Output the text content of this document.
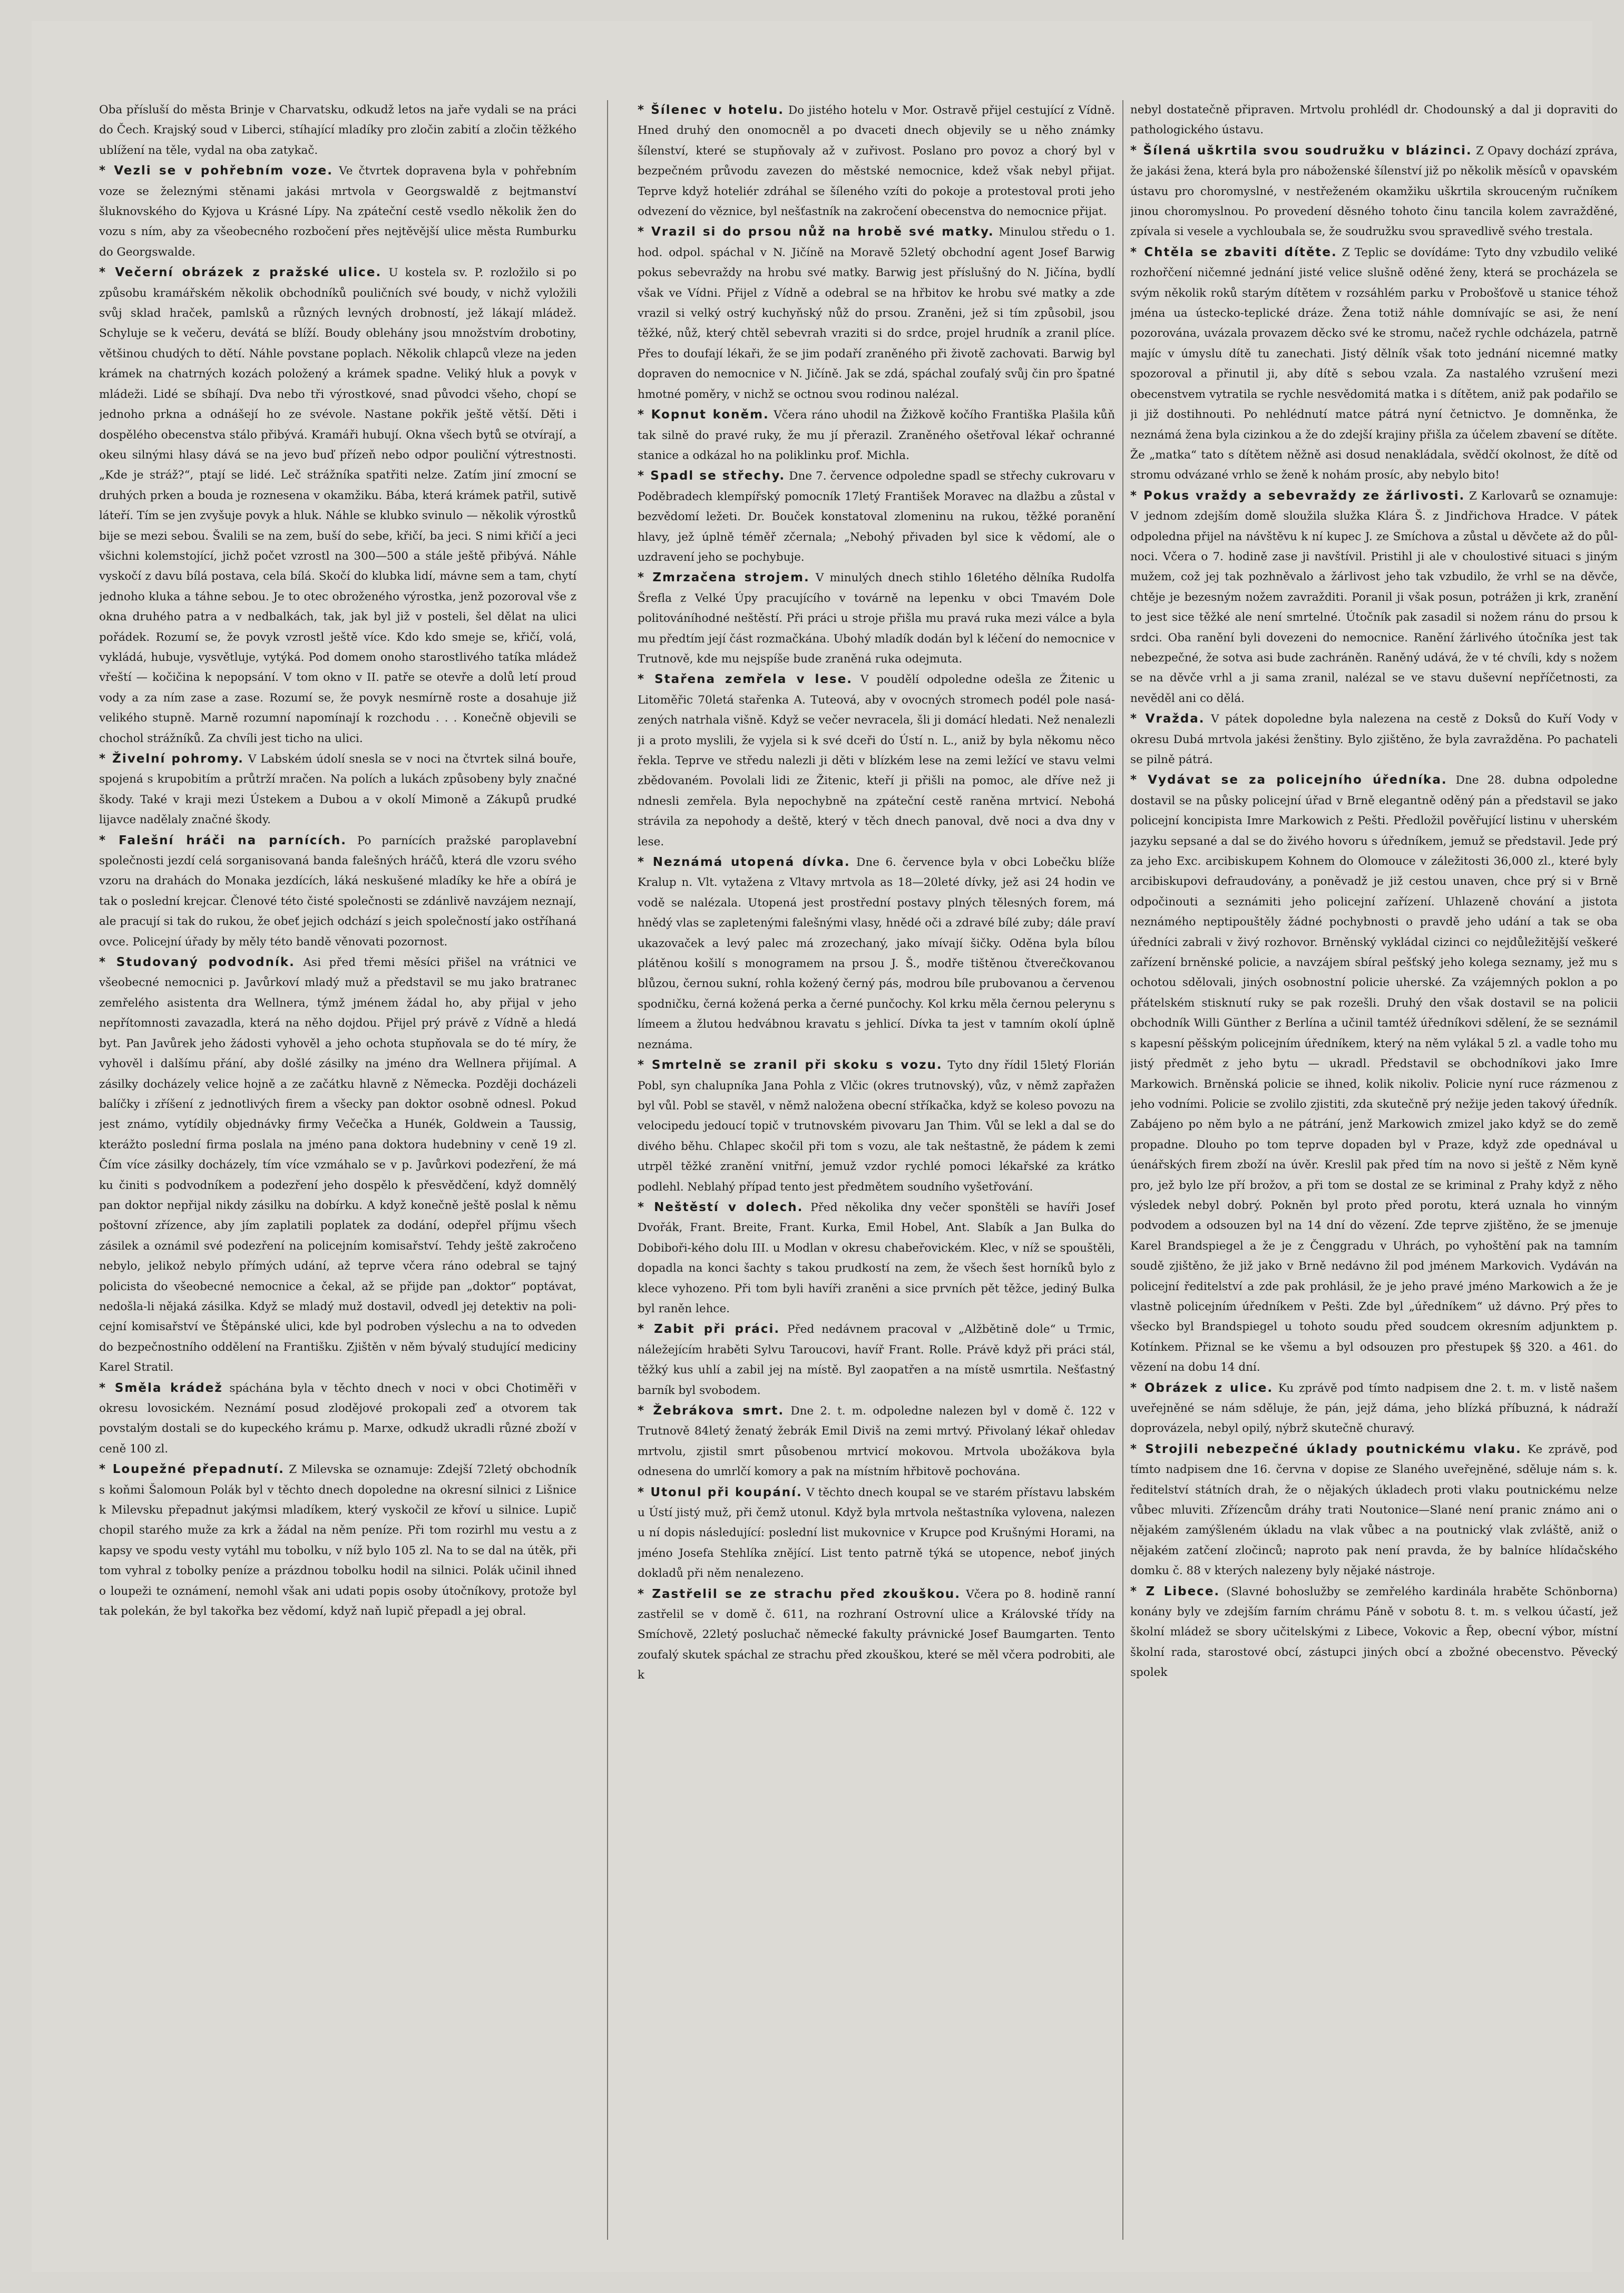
Oba přísluší do města Brinje v Charvatsku, odkudž letos na jaře vydali se na práci do Čech. Krajský soud v Liberci, stíhající mladíky pro zločin zabití a zločin těžkého ublížení na těle, vydal na oba zatykač.

* Vezli se v pohřebním voze. Ve čtvrtek dopravena byla v pohřebním voze se železnými stěnami jakási mrtvola v Georgswaldě z bejtmanství šluknovského do Kyjova u Krásné Lípy. Na zpáteční cestě vsedlo několik žen do vozu s ním, aby za všeobecného rozbočení přes nejtěvější ulice města Rumburku do Georgswalde.

* Večerní obrázek z pražské ulice. U kostela sv. P. rozložilo si po způsobu kramářském několik obchodníků pouličních své boudy, v nichž vyložili svůj sklad hraček, pamlsků a různých levných drobností, jež lákají mládež. Schyluje se k večeru, devátá se blíží. Boudy oblehány jsou množstvím drobotiny, většinou chudých to dětí. Náhle povstane poplach. Několik chlapců vleze na jeden krámek na chatrných kozách položený a krámek spadne. Veliký hluk a povyk v mládeži. Lidé se sbíhají. Dva nebo tři výrostkové, snad původci všeho, chopí se jednoho prkna a odnášejí ho ze svévole. Nastane pokřik ještě větší. Děti i dospělého obecenstva stálo přibývá. Kramáři hubují. Okna všech bytů se otvírají, a okeu silnými hlasy dává se na jevo buď přízeň nebo odpor pouliční výtrestnosti. „Kde je stráž?“, ptají se lidé. Leč strážníka spatřiti nelze. Zatím jiní zmocní se druhých prken a bouda je roznesena v okamžiku. Bába, která krámek patřil, sutivě láteří. Tím se jen zvyšuje povyk a hluk. Náhle se klubko svinulo — několik výrostků bije se mezi sebou. Švalili se na zem, buší do sebe, křičí, ba jeci. S nimi křičí a jeci všichni kolemstojící, jichž počet vzrostl na 300—500 a stále ještě přibývá. Náhle vyskočí z davu bílá postava, cela bílá. Skočí do klubka lidí, mávne sem a tam, chytí jednoho kluka a táhne sebou. Je to otec obroženého výrostka, jenž pozoroval vše z okna druhého patra a v nedbalkách, tak, jak byl již v posteli, šel dělat na ulici pořádek. Rozumí se, že povyk vzrostl ještě více. Kdo kdo smeje se, křičí, volá, vykládá, hubuje, vysvětluje, vytýká. Pod domem onoho starostlivého tatíka mládež vřeští — kočičina k nepopsání. V tom okno v II. patře se otevře a dolů letí proud vody a za ním zase a zase. Rozumí se, že povyk nesmírně roste a dosahuje již velikého stupně. Marně rozumní napomínají k rozchodu . . . Konečně objevili se chochol strážníků. Za chvíli jest ticho na ulici.

* Živelní pohromy. V Labském údolí snesla se v noci na čtvrtek silná bouře, spojená s krupobitím a průtrží mračen. Na polích a lukách způsobeny byly značné škody. Také v kraji mezi Ústekem a Dubou a v okolí Mimoně a Zákupů prudké lijavce nadělaly značné škody.

* Falešní hráči na parnících. Po parnících pražské paroplavební společnosti jezdí celá sorganisovaná banda falešných hráčů, která dle vzoru svého vzoru na drahách do Monaka jezdících, láká neskušené mladíky ke hře a obírá je tak o poslední krejcar. Členové této čisté společnosti se zdánlivě navzájem neznají, ale pracují si tak do rukou, že obeť jejich odchází s jeich společností jako ostříhaná ovce. Policejní úřady by měly této bandě věnovati pozornost.

* Studovaný podvodník. Asi před třemi měsíci přišel na vrátnici ve všeobecné nemocnici p. Javůrkoví mladý muž a představil se mu jako bratranec zemřelého asistenta dra Wellnera, týmž jménem žádal ho, aby přijal v jeho nepřítomnosti zavazadla, která na něho dojdou. Přijel prý právě z Vídně a hledá byt. Pan Javůrek jeho žádosti vyhověl a jeho ochota stupňovala se do té míry, že vyhověl i dalšímu přání, aby došlé zásilky na jméno dra Wellnera přijímal. A zásilky docházely velice hojně a ze začátku hlavně z Německa. Později docházeli balíčky i zříšení z jednotlivých firem a všecky pan doktor osobně odnesl. Pokud jest známo, vytídily objednávky firmy Večečka a Hunék, Goldwein a Taussig, kterážto poslední firma poslala na jméno pana doktora hudebniny v ceně 19 zl. Čím více zásilky docházely, tím více vzmáhalo se v p. Javůrkovi podezření, že má ku činiti s podvodníkem a podezření jeho dospělo k přesvědčení, když domnělý pan doktor nepřijal nikdy zásilku na dobírku. A když konečně ještě poslal k němu poštovní zřízence, aby jím zaplatili poplatek za dodání, odepřel příjmu všech zásilek a oznámil své podezření na policejním komisařství. Tehdy ještě zakročeno nebylo, jelikož nebylo přímých udání, až teprve včera ráno odebral se tajný policista do všeobecné nemocnice a čekal, až se přijde pan „doktor“ poptávat, nedošla-li nějaká zásilka. Když se mladý muž dostavil, odvedl jej detektiv na policejní komisařství ve Štěpánské ulici, kde byl podroben výslechu a na to odveden do bezpečnostního oddělení na Františku. Zjištěn v něm bývalý studující mediciny Karel Stratil.

* Směla krádež spáchána byla v těchto dnech v noci v obci Chotiměři v okresu lovosickém. Neznámí posud zlodějové prokopali zeď a otvorem tak povstalým dostali se do kupeckého krámu p. Marxe, odkudž ukradli různé zboží v ceně 100 zl.

* Loupežné přepadnutí. Z Milevska se oznamuje: Zdejší 72letý obchodník s koňmi Šalomoun Polák byl v těchto dnech dopoledne na okresní silnici z Lišnice k Milevsku přepadnut jakýmsi mladíkem, který vyskočil ze křoví u silnice. Lupič chopil starého muže za krk a žádal na něm peníze. Při tom rozirhl mu vestu a z kapsy ve spodu vesty vytáhl mu tobolku, v níž bylo 105 zl. Na to se dal na útěk, při tom vyhral z tobolky peníze a prázdnou tobolku hodil na silnici. Polák učinil ihned o loupeži te oznámení, nemohl však ani udati popis osoby útočníkovy, protože byl tak polekán, že byl takořka bez vědomí, když naň lupič přepadl a jej obral.

* Šílenec v hotelu. Do jistého hotelu v Mor. Ostravě přijel cestující z Vídně. Hned druhý den onomocněl a po dvaceti dnech objevily se u něho známky šílenství, které se stupňovaly až v zuřivost. Poslano pro povoz a chorý byl v bezpečném průvodu zavezen do městské nemocnice, kdež však nebyl přijat. Teprve když hoteliér zdráhal se šíleného vzíti do pokoje a protestoval proti jeho odvezení do věznice, byl nešťastník na zakročení obecenstva do nemocnice přijat.

* Vrazil si do prsou nůž na hrobě své matky. Minulou středu o 1. hod. odpol. spáchal v N. Jičíně na Moravě 52letý obchodní agent Josef Barwig pokus sebevraždy na hrobu své matky. Barwig jest příslušný do N. Jičína, bydlí však ve Vídni. Přijel z Vídně a odebral se na hřbitov ke hrobu své matky a zde vrazil si velký ostrý kuchyňský nůž do prsou. Zraněni, jež si tím způsobil, jsou těžké, nůž, který chtěl sebevrah vraziti si do srdce, projel hrudník a zranil plíce. Přes to doufají lékaři, že se jim podaří zraněného při životě zachovati. Barwig byl dopraven do nemocnice v N. Jičíně. Jak se zdá, spáchal zoufalý svůj čin pro špatné hmotné poměry, v nichž se octnou svou rodinou nalézal.

* Kopnut koněm. Včera ráno uhodil na Žižkově kočího Františka Plašila kůň tak silně do pravé ruky, že mu jí přerazil. Zraněného ošetřoval lékař ochranné stanice a odkázal ho na poliklinku prof. Michla.

* Spadl se střechy. Dne 7. července odpoledne spadl se střechy cukrovaru v Poděbradech klempířský pomocník 17letý František Moravec na dlažbu a zůstal v bezvědomí ležeti. Dr. Bouček konstatoval zlomeninu na rukou, těžké poranění hlavy, jež úplně téměř zčernala; „Nebohý přivaden byl sice k vědomí, ale o uzdravení jeho se pochybuje.

* Zmrzačena strojem. V minulých dnech stihlo 16letého dělníka Rudolfa Šrefla z Velké Úpy pracujícího v továrně na lepenku v obci Tmavém Dole politováníhodné neštěstí. Při práci u stroje přišla mu pravá ruka mezi válce a byla mu předtím její část rozmačkána. Ubohý mladík dodán byl k léčení do nemocnice v Trutnově, kde mu nejspíše bude zraněná ruka odejmuta.

* Stařena zemřela v lese. V poudělí odpoledne odešla ze Žitenic u Litoměřic 70letá stařenka A. Tuteová, aby v ovocných stromech podél pole nasázených natrhala višně. Když se večer nevracela, šli ji domácí hledati. Než nenalezli ji a proto myslili, že vyjela si k své dceři do Ústí n. L., aniž by byla někomu něco řekla. Teprve ve středu nalezli ji děti v blízkém lese na zemi ležící ve stavu velmi zbědovaném. Povolali lidi ze Žitenic, kteří ji přišli na pomoc, ale dříve než ji ndnesli zemřela. Byla nepochybně na zpáteční cestě raněna mrtvicí. Nebohá strávila za nepohody a deště, který v těch dnech panoval, dvě noci a dva dny v lese.

* Neznámá utopená dívka. Dne 6. července byla v obci Lobečku blíže Kralup n. Vlt. vytažena z Vltavy mrtvola as 18—20leté dívky, jež asi 24 hodin ve vodě se nalézala. Utopená jest prostřední postavy plných tělesných forem, má hnědý vlas se zapletenými falešnými vlasy, hnědé oči a zdravé bílé zuby; dále praví ukazovaček a levý palec má zrozechaný, jako mívají šičky. Oděna byla bílou plátěnou košilí s monogramem na prsou J. Š., modře tištěnou čtverečkovanou blůzou, černou sukní, rohla kožený černý pás, modrou bíle prubovanou a červenou spodničku, černá kožená perka a černé punčochy. Kol krku měla černou pelerynu s límeem a žlutou hedvábnou kravatu s jehlicí. Dívka ta jest v tamním okolí úplně neznáma.

* Smrtelně se zranil při skoku s vozu. Tyto dny řídil 15letý Florián Pobl, syn chalupníka Jana Pohla z Vlčic (okres trutnovský), vůz, v němž zapřažen byl vůl. Pobl se stavěl, v němž naložena obecní stříkačka, když se koleso povozu na velocipedu jedoucí topič v trutnovském pivovaru Jan Thim. Vůl se lekl a dal se do divého běhu. Chlapec skočil při tom s vozu, ale tak neštastně, že pádem k zemi utrpěl těžké zranění vnitřní, jemuž vzdor rychlé pomoci lékařské za krátko podlehl. Neblahý případ tento jest předmětem soudního vyšetřování.

* Neštěstí v dolech. Před několika dny večer sponštěli se havíři Josef Dvořák, Frant. Breite, Frant. Kurka, Emil Hobel, Ant. Slabík a Jan Bulka do Dobiboři-kého dolu III. u Modlan v okresu chabeřovickém. Klec, v níž se spouštěli, dopadla na konci šachty s takou prudkostí na zem, že všech šest horníků bylo z klece vyhozeno. Při tom byli havíři zraněni a sice prvních pět těžce, jediný Bulka byl raněn lehce.

* Zabit při práci. Před nedávnem pracoval v „Alžbětině dole“ u Trmic, náležejícím hraběti Sylvu Taroucovi, havíř Frant. Rolle. Právě když při práci stál, těžký kus uhlí a zabil jej na místě. Byl zaopatřen a na místě usmrtila. Nešťastný barník byl svobodem.

* Žebrákova smrt. Dne 2. t. m. odpoledne nalezen byl v domě č. 122 v Trutnově 84letý ženatý žebrák Emil Diviš na zemi mrtvý. Přivolaný lékař ohledav mrtvolu, zjistil smrt působenou mrtvicí mokovou. Mrtvola ubožákova byla odnesena do umrlčí komory a pak na místním hřbitově pochována.

* Utonul při koupání. V těchto dnech koupal se ve starém přístavu labském u Ústí jistý muž, při čemž utonul. Když byla mrtvola neštastníka vylovena, nalezen u ní dopis následující: poslední list mukovnice v Krupce pod Krušnými Horami, na jméno Josefa Stehlíka znějící. List tento patrně týká se utopence, neboť jiných dokladů při něm nenalezeno.

* Zastřelil se ze strachu před zkouškou. Včera po 8. hodině ranní zastřelil se v domě č. 611, na rozhraní Ostrovní ulice a Královské třídy na Smíchově, 22letý posluchač německé fakulty právnické Josef Baumgarten. Tento zoufalý skutek spáchal ze strachu před zkouškou, které se měl včera podrobiti, ale k

nebyl dostatečně připraven. Mrtvolu prohlédl dr. Chodounský a dal ji dopraviti do pathologického ústavu.

* Šílená uškrtila svou soudružku v blázinci. Z Opavy dochází zpráva, že jakási žena, která byla pro náboženské šílenství již po několik měsíců v opavském ústavu pro choromyslné, v nestřeženém okamžiku uškrtila skrouceným ručníkem jinou choromyslnou. Po provedení děsného tohoto činu tancila kolem zavražděné, zpívala si vesele a vychloubala se, že soudružku svou spravedlivě svého trestala.

* Chtěla se zbaviti dítěte. Z Teplic se dovídáme: Tyto dny vzbudilo veliké rozhořčení ničemné jednání jisté velice slušně oděné ženy, která se procházela se svým několik roků starým dítětem v rozsáhlém parku v Probošťově u stanice téhož jména ua ústecko-teplické dráze. Žena totiž náhle domnívajíc se asi, že není pozorována, uvázala provazem děcko své ke stromu, načež rychle odcházela, patrně majíc v úmyslu dítě tu zanechati. Jistý dělník však toto jednání nicemné matky spozoroval a přinutil ji, aby dítě s sebou vzala. Za nastalého vzrušení mezi obecenstvem vytratila se rychle nesvědomitá matka i s dítětem, aniž pak podařilo se ji již dostihnouti. Po nehlédnutí matce pátrá nyní četnictvo. Je domněnka, že neznámá žena byla cizinkou a že do zdejší krajiny přišla za účelem zbavení se dítěte. Že „matka“ tato s dítětem něžně asi dosud nenakládala, svědčí okolnost, že dítě od stromu odvázané vrhlo se ženě k nohám prosíc, aby nebylo bito!

* Pokus vraždy a sebevraždy ze žárlivosti. Z Karlovarů se oznamuje: V jednom zdejším domě sloužila služka Klára Š. z Jindřichova Hradce. V pátek odpoledna přijel na návštěvu k ní kupec J. ze Smíchova a zůstal u děvčete až do půlnoci. Včera o 7. hodině zase ji navštívil. Pristihl ji ale v choulostivé situaci s jiným mužem, což jej tak pozhněvalo a žárlivost jeho tak vzbudilo, že vrhl se na děvče, chtěje je bezesným nožem zavražditi. Poranil ji však posun, potrážen ji krk, zranění to jest sice těžké ale není smrtelné. Útočník pak zasadil si nožem ránu do prsou k srdci. Oba ranění byli dovezeni do nemocnice. Ranění žárlivého útočníka jest tak nebezpečné, že sotva asi bude zachráněn. Raněný udává, že v té chvíli, kdy s nožem se na děvče vrhl a ji sama zranil, nalézal se ve stavu duševní nepříčetnosti, za nevěděl ani co dělá.

* Vražda. V pátek dopoledne byla nalezena na cestě z Doksů do Kuří Vody v okresu Dubá mrtvola jakési ženštiny. Bylo zjištěno, že byla zavražděna. Po pachateli se pilně pátrá.

* Vydávat se za policejního úředníka. Dne 28. dubna odpoledne dostavil se na půsky policejní úřad v Brně elegantně oděný pán a představil se jako policejní koncipista Imre Markowich z Pešti. Předložil pověřující listinu v uherském jazyku sepsané a dal se do živého hovoru s úředníkem, jemuž se představil. Jede prý za jeho Exc. arcibiskupem Kohnem do Olomouce v záležitosti 36,000 zl., které byly arcibiskupovi defraudovány, a poněvadž je již cestou unaven, chce prý si v Brně odpočinouti a seznámiti jeho policejní zařízení. Uhlazeně chování a jistota neznámého neptipouštěly žádné pochybnosti o pravdě jeho udání a tak se oba úředníci zabrali v živý rozhovor. Brněnský vykládal cizinci co nejdůležitější veškeré zařízení brněnské policie, a navzájem sbíral pešťský jeho kolega seznamy, jež mu s ochotou sdělovali, jiných osobnostní policie uherské. Za vzájemných poklon a po přátelském stisknutí ruky se pak rozešli. Druhý den však dostavil se na policii obchodník Willi Günther z Berlína a učinil tamtéž úředníkovi sdělení, že se seznámil s kapesní pěšským policejním úředníkem, který na něm vylákal 5 zl. a vadle toho mu jistý předmět z jeho bytu — ukradl. Představil se obchodníkovi jako Imre Markowich. Brněnská policie se ihned, kolik nikoliv. Policie nyní ruce rázmenou z jeho vodními. Policie se zvolilo zjistiti, zda skutečně prý nežije jeden takový úředník. Zabájeno po něm bylo a ne pátrání, jenž Markowich zmizel jako když se do země propadne. Dlouho po tom teprve dopaden byl v Praze, když zde opednával u úenářských firem zboží na úvěr. Kreslil pak před tím na novo si ještě z Něm kyně pro, jež bylo lze pří brožov, a při tom se dostal ze se kriminal z Prahy když z něho výsledek nebyl dobrý. Pokněn byl proto před porotu, která uznala ho vinným podvodem a odsouzen byl na 14 dní do vězení. Zde teprve zjištěno, že se jmenuje Karel Brandspiegel a že je z Čenggradu v Uhrách, po vyhoštění pak na tamním soudě zjištěno, že již jako v Brně nedávno žil pod jménem Markovich. Vydáván na policejní ředitelství a zde pak prohlásil, že je jeho pravé jméno Markowich a že je vlastně policejním úředníkem v Pešti. Zde byl „úředníkem“ už dávno. Prý přes to všecko byl Brandspiegel u tohoto soudu před soudcem okresním adjunktem p. Kotínkem. Přiznal se ke všemu a byl odsouzen pro přestupek §§ 320. a 461. do vězení na dobu 14 dní.

* Obrázek z ulice. Ku zprávě pod tímto nadpisem dne 2. t. m. v listě našem uveřejněné se nám sděluje, že pán, jejž dáma, jeho blízká příbuzná, k nádraží doprovázela, nebyl opilý, nýbrž skutečně churavý.

* Strojili nebezpečné úklady poutnickému vlaku. Ke zprávě, pod tímto nadpisem dne 16. června v dopise ze Slaného uveřejněné, sděluje nám s. k. ředitelství státních drah, že o nějakých úkladech proti vlaku poutnickému nelze vůbec mluviti. Zřízencům dráhy trati Noutonice—Slané není pranic známo ani o nějakém zamýšleném úkladu na vlak vůbec a na poutnický vlak zvláště, aniž o nějakém zatčení zločinců; naproto pak není pravda, že by balníce hlídačského domku č. 88 v kterých nalezeny byly nějaké nástroje.

* Z Libece. (Slavné bohoslužby se zemřelého kardinála hraběte Schönborna) konány byly ve zdejším farním chrámu Páně v sobotu 8. t. m. s velkou účastí, jež školní mládež se sbory učitelskými z Libece, Vokovic a Řep, obecní výbor, místní školní rada, starostové obcí, zástupci jiných obcí a zbožné obecenstvo. Pěvecký spolek
